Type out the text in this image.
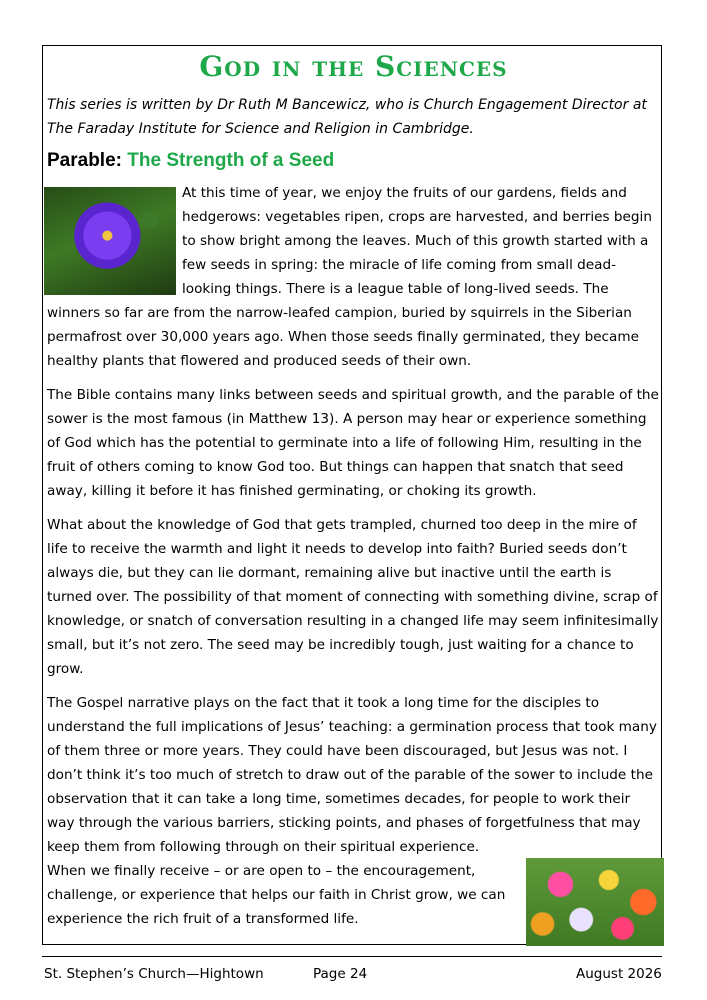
God in the Sciences

This series is written by Dr Ruth M Bancewicz, who is Church Engagement Director at The Faraday Institute for Science and Religion in Cambridge.

Parable: The Strength of a Seed

At this time of year, we enjoy the fruits of our gardens, fields and hedgerows: vegetables ripen, crops are harvested, and berries begin to show bright among the leaves. Much of this growth started with a few seeds in spring: the miracle of life coming from small dead-looking things. There is a league table of long-lived seeds. The winners so far are from the narrow-leafed campion, buried by squirrels in the Siberian permafrost over 30,000 years ago. When those seeds finally germinated, they became healthy plants that flowered and produced seeds of their own.

The Bible contains many links between seeds and spiritual growth, and the parable of the sower is the most famous (in Matthew 13). A person may hear or experience something of God which has the potential to germinate into a life of following Him, resulting in the fruit of others coming to know God too. But things can happen that snatch that seed away, killing it before it has finished germinating, or choking its growth.

What about the knowledge of God that gets trampled, churned too deep in the mire of life to receive the warmth and light it needs to develop into faith? Buried seeds don’t always die, but they can lie dormant, remaining alive but inactive until the earth is turned over. The possibility of that moment of connecting with something divine, scrap of knowledge, or snatch of conversation resulting in a changed life may seem infinitesimally small, but it’s not zero. The seed may be incredibly tough, just waiting for a chance to grow.

The Gospel narrative plays on the fact that it took a long time for the disciples to understand the full implications of Jesus’ teaching: a germination process that took many of them three or more years. They could have been discouraged, but Jesus was not. I don’t think it’s too much of stretch to draw out of the parable of the sower to include the observation that it can take a long time, sometimes decades, for people to work their way through the various barriers, sticking points, and phases of forgetfulness that may keep them from following through on their spiritual experience. When we finally receive – or are open to – the encouragement, challenge, or experience that helps our faith in Christ grow, we can experience the rich fruit of a transformed life.

St. Stephen’s Church—Hightown	Page 24	August 2026
